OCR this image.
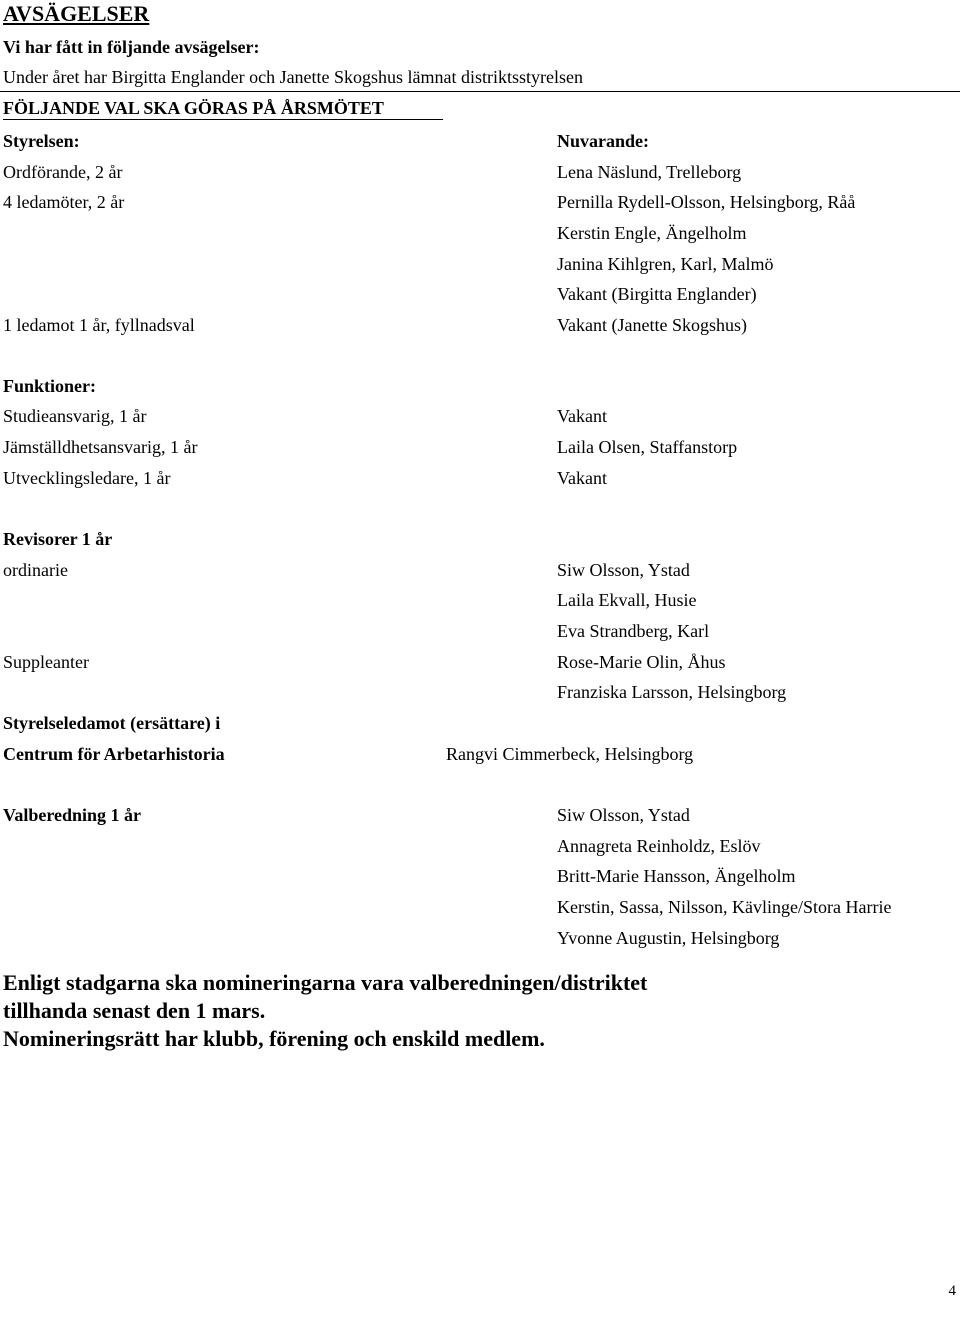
AVSÄGELSER
Vi har fått in följande avsägelser:
Under året har Birgitta Englander och Janette Skogshus lämnat distriktsstyrelsen
FÖLJANDE VAL SKA GÖRAS PÅ ÅRSMÖTET
Styrelsen:	Nuvarande:
Ordförande, 2 år	Lena Näslund, Trelleborg
4 ledamöter, 2 år	Pernilla Rydell-Olsson, Helsingborg, Råå
Kerstin Engle, Ängelholm
Janina Kihlgren, Karl, Malmö
Vakant (Birgitta Englander)
1 ledamot 1 år, fyllnadsval	Vakant (Janette Skogshus)
Funktioner:
Studieansvarig, 1 år	Vakant
Jämställdhetsansvarig, 1 år	Laila Olsen, Staffanstorp
Utvecklingsledare, 1 år	Vakant
Revisorer 1 år
ordinarie	Siw Olsson, Ystad
Laila Ekvall, Husie
Eva Strandberg, Karl
Suppleanter	Rose-Marie Olin, Åhus
Franziska Larsson, Helsingborg
Styrelseledamot (ersättare) i
Centrum för Arbetarhistoria	Rangvi Cimmerbeck, Helsingborg
Valberedning 1 år	Siw Olsson, Ystad
Annagreta Reinholdz, Eslöv
Britt-Marie Hansson, Ängelholm
Kerstin, Sassa, Nilsson, Kävlinge/Stora Harrie
Yvonne Augustin, Helsingborg
Enligt stadgarna ska nomineringarna vara valberedningen/distriktet
tillhanda senast den 1 mars.
Nomineringsrätt har klubb, förening och enskild medlem.
4
